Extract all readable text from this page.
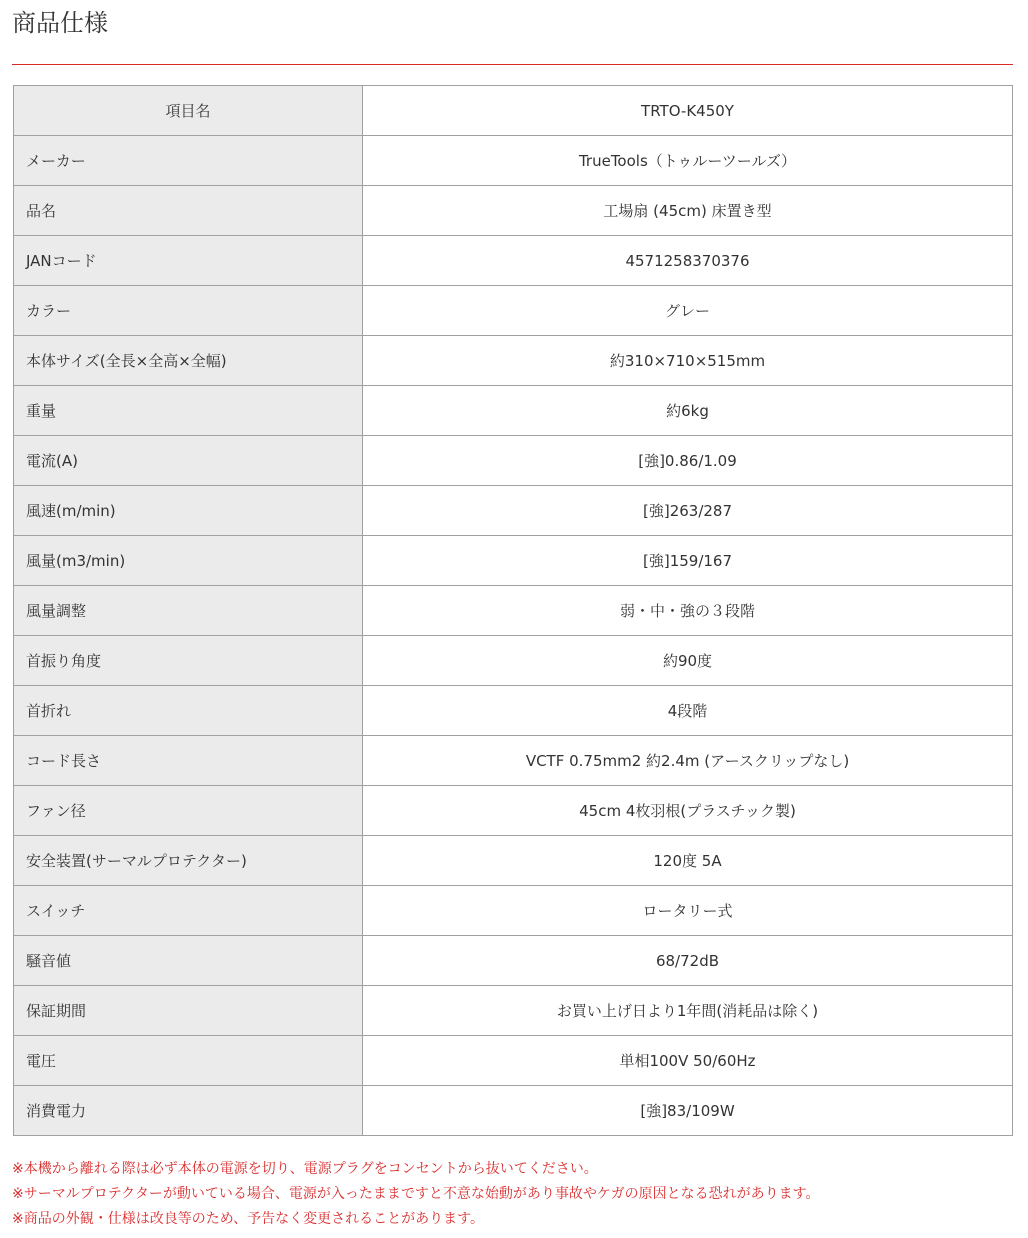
商品仕様
項目名	TRTO-K450Y
メーカー	TrueTools（トゥルーツールズ）
品名	工場扇 (45cm) 床置き型
JANコード	4571258370376
カラー	グレー
本体サイズ(全長×全高×全幅)	約310×710×515mm
重量	約6kg
電流(A)	[強]0.86/1.09
風速(m/min)	[強]263/287
風量(m3/min)	[強]159/167
風量調整	弱・中・強の３段階
首振り角度	約90度
首折れ	4段階
コード長さ	VCTF 0.75mm2 約2.4m (アースクリップなし)
ファン径	45cm 4枚羽根(プラスチック製)
安全装置(サーマルプロテクター)	120度 5A
スイッチ	ロータリー式
騒音値	68/72dB
保証期間	お買い上げ日より1年間(消耗品は除く)
電圧	単相100V 50/60Hz
消費電力	[強]83/109W
※本機から離れる際は必ず本体の電源を切り、電源プラグをコンセントから抜いてください。
※サーマルプロテクターが動いている場合、電源が入ったままですと不意な始動があり事故やケガの原因となる恐れがあります。
※商品の外観・仕様は改良等のため、予告なく変更されることがあります。
